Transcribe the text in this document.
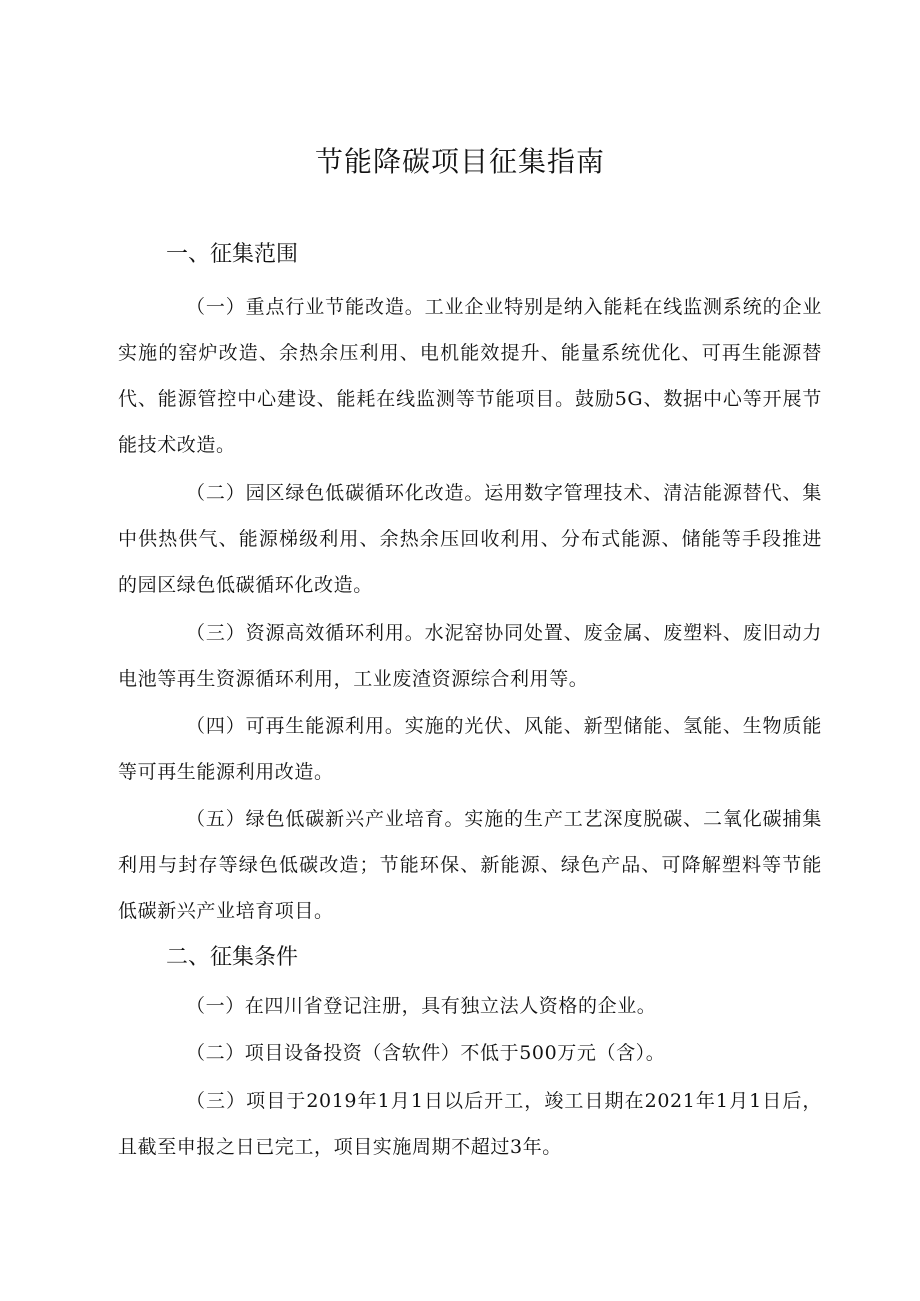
节能降碳项目征集指南
一、征集范围
（一）重点行业节能改造。工业企业特别是纳入能耗在线监测系统的企业实施的窑炉改造、余热余压利用、电机能效提升、能量系统优化、可再生能源替代、能源管控中心建设、能耗在线监测等节能项目。鼓励5G、数据中心等开展节能技术改造。
（二）园区绿色低碳循环化改造。运用数字管理技术、清洁能源替代、集中供热供气、能源梯级利用、余热余压回收利用、分布式能源、储能等手段推进的园区绿色低碳循环化改造。
（三）资源高效循环利用。水泥窑协同处置、废金属、废塑料、废旧动力电池等再生资源循环利用，工业废渣资源综合利用等。
（四）可再生能源利用。实施的光伏、风能、新型储能、氢能、生物质能等可再生能源利用改造。
（五）绿色低碳新兴产业培育。实施的生产工艺深度脱碳、二氧化碳捕集利用与封存等绿色低碳改造；节能环保、新能源、绿色产品、可降解塑料等节能低碳新兴产业培育项目。
二、征集条件
（一）在四川省登记注册，具有独立法人资格的企业。
（二）项目设备投资（含软件）不低于500万元（含）。
（三）项目于2019年1月1日以后开工，竣工日期在2021年1月1日后，且截至申报之日已完工，项目实施周期不超过3年。
